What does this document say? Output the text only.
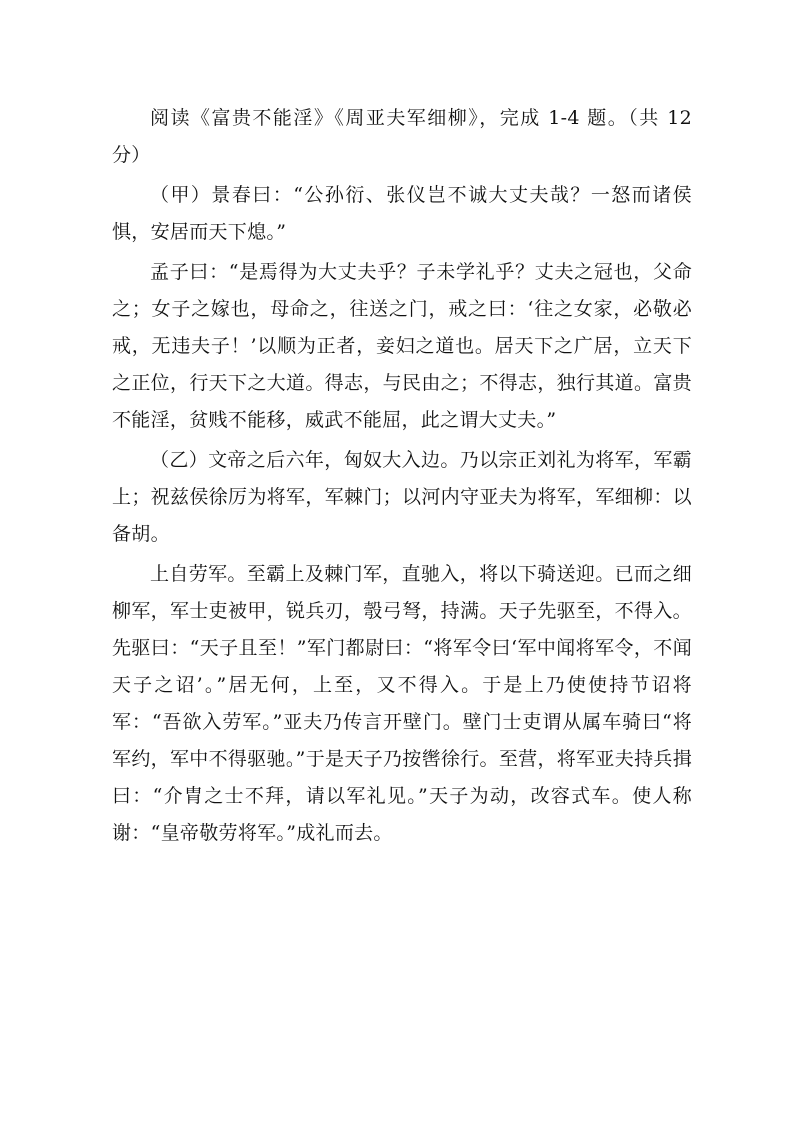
阅读《富贵不能淫》《周亚夫军细柳》，完成 1-4 题。（共 12 分）

（甲）景春曰：“公孙衍、张仪岂不诚大丈夫哉？一怒而诸侯惧，安居而天下熄。”

孟子曰：“是焉得为大丈夫乎？子未学礼乎？丈夫之冠也，父命之；女子之嫁也，母命之，往送之门，戒之曰：‘往之女家，必敬必戒，无违夫子！’以顺为正者，妾妇之道也。居天下之广居，立天下之正位，行天下之大道。得志，与民由之；不得志，独行其道。富贵不能淫，贫贱不能移，威武不能屈，此之谓大丈夫。”

（乙）文帝之后六年，匈奴大入边。乃以宗正刘礼为将军，军霸上；祝兹侯徐厉为将军，军棘门；以河内守亚夫为将军，军细柳：以备胡。

上自劳军。至霸上及棘门军，直驰入，将以下骑送迎。已而之细柳军，军士吏被甲，锐兵刃，彀弓弩，持满。天子先驱至，不得入。先驱曰：“天子且至！”军门都尉曰：“将军令曰‘军中闻将军令，不闻天子之诏’。”居无何，上至，又不得入。于是上乃使使持节诏将军：“吾欲入劳军。”亚夫乃传言开壁门。壁门士吏谓从属车骑曰“将军约，军中不得驱驰。”于是天子乃按辔徐行。至营，将军亚夫持兵揖曰：“介胄之士不拜，请以军礼见。”天子为动，改容式车。使人称谢：“皇帝敬劳将军。”成礼而去。
